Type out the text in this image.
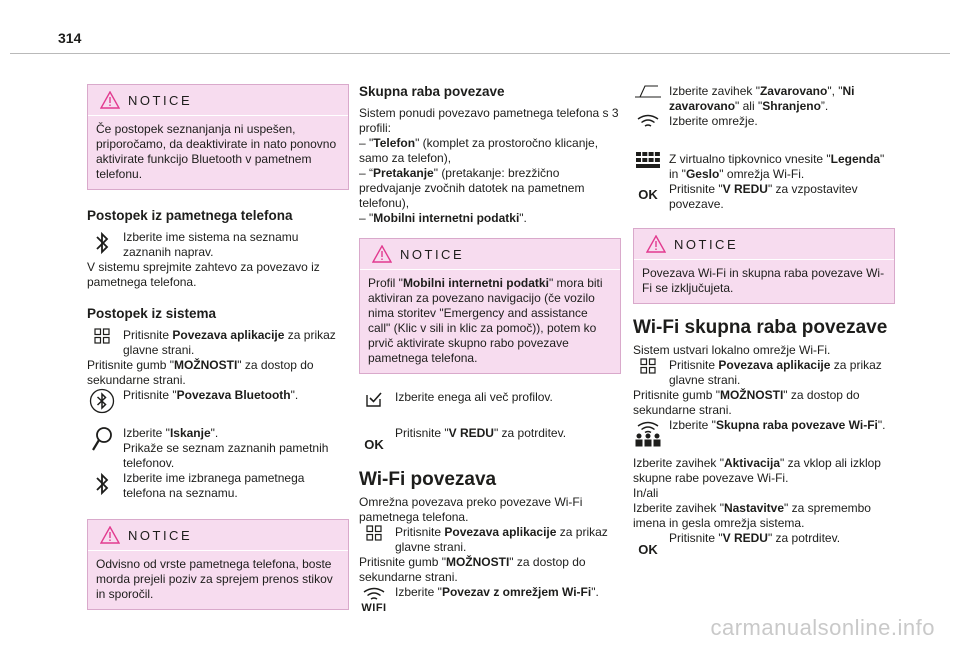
314
NOTICE
Če postopek seznanjanja ni uspešen, priporočamo, da deaktivirate in nato ponovno aktivirate funkcijo Bluetooth v pametnem telefonu.
Postopek iz pametnega telefona

Izberite ime sistema na seznamu zaznanih naprav.

V sistemu sprejmite zahtevo za povezavo iz pametnega telefona.

Postopek iz sistema

Pritisnite Povezava aplikacije za prikaz glavne strani.

Pritisnite gumb "MOŽNOSTI" za dostop do sekundarne strani.

Pritisnite "Povezava Bluetooth".

Izberite "Iskanje".
Prikaže se seznam zaznanih pametnih telefonov.

Izberite ime izbranega pametnega telefona na seznamu.

NOTICE
Odvisno od vrste pametnega telefona, boste morda prejeli poziv za sprejem prenos stikov in sporočil.
Skupna raba povezave

Sistem ponudi povezavo pametnega telefona s 3 profili:

– "Telefon" (komplet za prostoročno klicanje, samo za telefon),

– “Pretakanje" (pretakanje: brezžično predvajanje zvočnih datotek na pametnem telefonu),

– "Mobilni internetni podatki".

NOTICE
Profil "Mobilni internetni podatki" mora biti aktiviran za povezano navigacijo (če vozilo nima storitev "Emergency and assistance call" (Klic v sili in klic za pomoč)), potem ko prvič aktivirate skupno rabo povezave pametnega telefona.

Izberite enega ali več profilov.

OK

Pritisnite "V REDU" za potrditev.

Wi-Fi povezava

Omrežna povezava preko povezave Wi-Fi pametnega telefona.

Pritisnite Povezava aplikacije za prikaz glavne strani.

Pritisnite gumb "MOŽNOSTI" za dostop do sekundarne strani.

WIFI

Izberite "Povezav z omrežjem Wi-Fi".

Izberite zavihek "Zavarovano", "Ni zavarovano" ali "Shranjeno”.

Izberite omrežje.

Z virtualno tipkovnico vnesite "Legenda" in "Geslo" omrežja Wi-Fi.

OK Pritisnite "V REDU" za vzpostavitev povezave.

NOTICE
Povezava Wi-Fi in skupna raba povezave Wi-Fi se izključujeta.
Wi-Fi skupna raba povezave

Sistem ustvari lokalno omrežje Wi-Fi.

Pritisnite Povezava aplikacije za prikaz glavne strani.

Pritisnite gumb "MOŽNOSTI" za dostop do sekundarne strani.

Izberite "Skupna raba povezave Wi-Fi".

Izberite zavihek "Aktivacija" za vklop ali izklop skupne rabe povezave Wi-Fi.

In/ali

Izberite zavihek "Nastavitve" za spremembo imena in gesla omrežja sistema.

OK

Pritisnite "V REDU" za potrditev.

carmanualsonline.info
